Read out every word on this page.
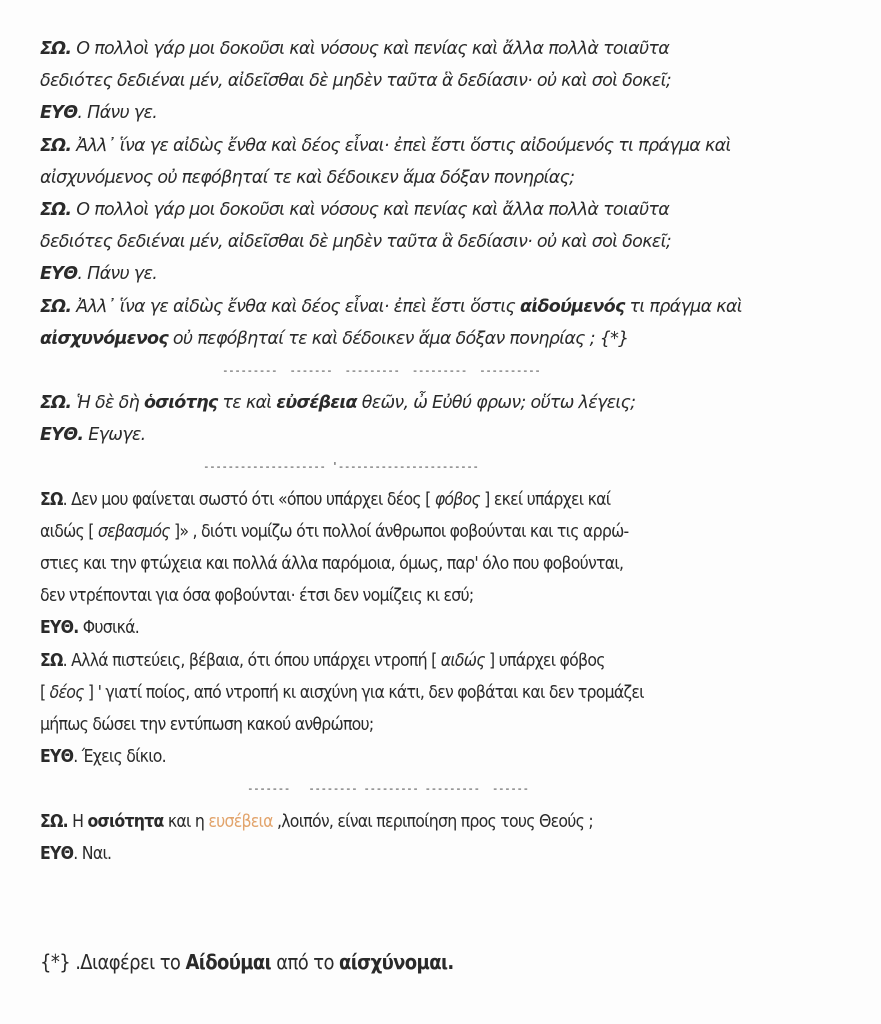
ΣΩ. Ο πολλοὶ γάρ μοι δοκοῦσι καὶ νόσους καὶ πενίας καὶ ἄλλα πολλὰ τοιαῦτα
δεδιότες δεδιέναι μέν, αἰδεῖσθαι δὲ μηδὲν ταῦτα ἃ δεδίασιν· οὐ καὶ σοὶ δοκεῖ;
ΕΥΘ. Πάνυ γε.
ΣΩ. Ἀλλ᾽ ἵνα γε αἰδὼς ἔνθα καὶ δέος εἶναι· ἐπεὶ ἔστι ὅστις αἰδούμενός τι πράγμα καὶ
αἰσχυνόμενος οὐ πεφόβηταί τε καὶ δέδοικεν ἅμα δόξαν πονηρίας;
ΣΩ. Ο πολλοὶ γάρ μοι δοκοῦσι καὶ νόσους καὶ πενίας καὶ ἄλλα πολλὰ τοιαῦτα
δεδιότες δεδιέναι μέν, αἰδεῖσθαι δὲ μηδὲν ταῦτα ἃ δεδίασιν· οὐ καὶ σοὶ δοκεῖ;
ΕΥΘ. Πάνυ γε.
ΣΩ. Ἀλλ᾽ ἵνα γε αἰδὼς ἔνθα καὶ δέος εἶναι· ἐπεὶ ἔστι ὅστις αἰδούμενός τι πράγμα καὶ
αἰσχυνόμενος οὐ πεφόβηταί τε καὶ δέδοικεν ἅμα δόξαν πονηρίας ; {*}
---------  -------  ---------  ---------  ----------
ΣΩ. Ἡ δὲ δὴ ὁσιότης τε καὶ εὐσέβεια θεῶν, ὦ Εὐθύ φρων; οὕτω λέγεις;
ΕΥΘ. Εγωγε.
-------------------- '-----------------------
ΣΩ. Δεν μου φαίνεται σωστό ότι «όπου υπάρχει δέος [ φόβος ] εκεί υπάρχει καί
αιδώς [ σεβασμός ]» , διότι νομίζω ότι πολλοί άνθρωποι φοβούνται και τις αρρώ-
στιες και την φτώχεια και πολλά άλλα παρόμοια, όμως, παρ' όλο που φοβούνται,
δεν ντρέπονται για όσα φοβούνται· έτσι δεν νομίζεις κι εσύ;
ΕΥΘ. Φυσικά.
ΣΩ. Αλλά πιστεύεις, βέβαια, ότι όπου υπάρχει ντροπή [ αιδώς ] υπάρχει φόβος
[ δέος ] ' γιατί ποίος, από ντροπή κι αισχύνη για κάτι, δεν φοβάται και δεν τρομάζει
μήπως δώσει την εντύπωση κακού ανθρώπου;
ΕΥΘ. Έχεις δίκιο.
-------   -------- --------- ---------  ------
ΣΩ. Η οσιότητα και η ευσέβεια ,λοιπόν, είναι περιποίηση προς τους Θεούς ;
ΕΥΘ. Ναι.
{*} .Διαφέρει το Αίδούμαι από το αίσχύνομαι.
